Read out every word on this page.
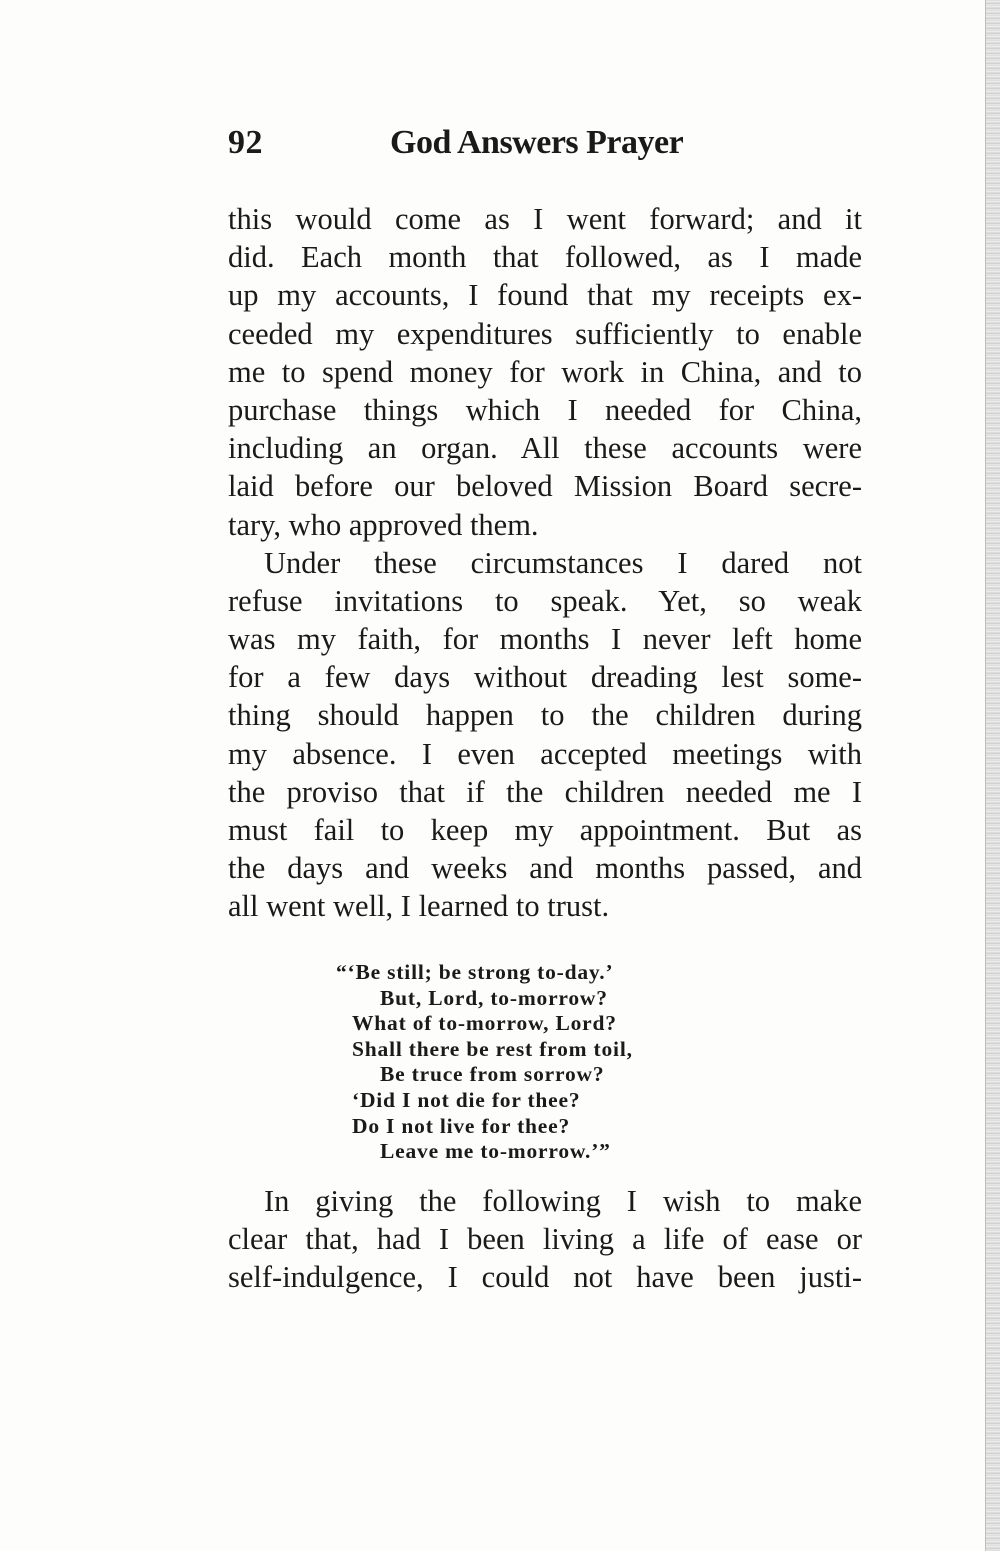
92	God Answers Prayer

this would come as I went forward; and it
did. Each month that followed, as I made
up my accounts, I found that my receipts ex-
ceeded my expenditures sufficiently to enable
me to spend money for work in China, and to
purchase things which I needed for China,
including an organ. All these accounts were
laid before our beloved Mission Board secre-
tary, who approved them.

Under these circumstances I dared not
refuse invitations to speak. Yet, so weak
was my faith, for months I never left home
for a few days without dreading lest some-
thing should happen to the children during
my absence. I even accepted meetings with
the proviso that if the children needed me I
must fail to keep my appointment. But as
the days and weeks and months passed, and
all went well, I learned to trust.

“‘Be still; be strong to-day.’
But, Lord, to-morrow?
What of to-morrow, Lord?
Shall there be rest from toil,
Be truce from sorrow?
‘Did I not die for thee?
Do I not live for thee?
Leave me to-morrow.’”
In giving the following I wish to make
clear that, had I been living a life of ease or
self-indulgence, I could not have been justi-
